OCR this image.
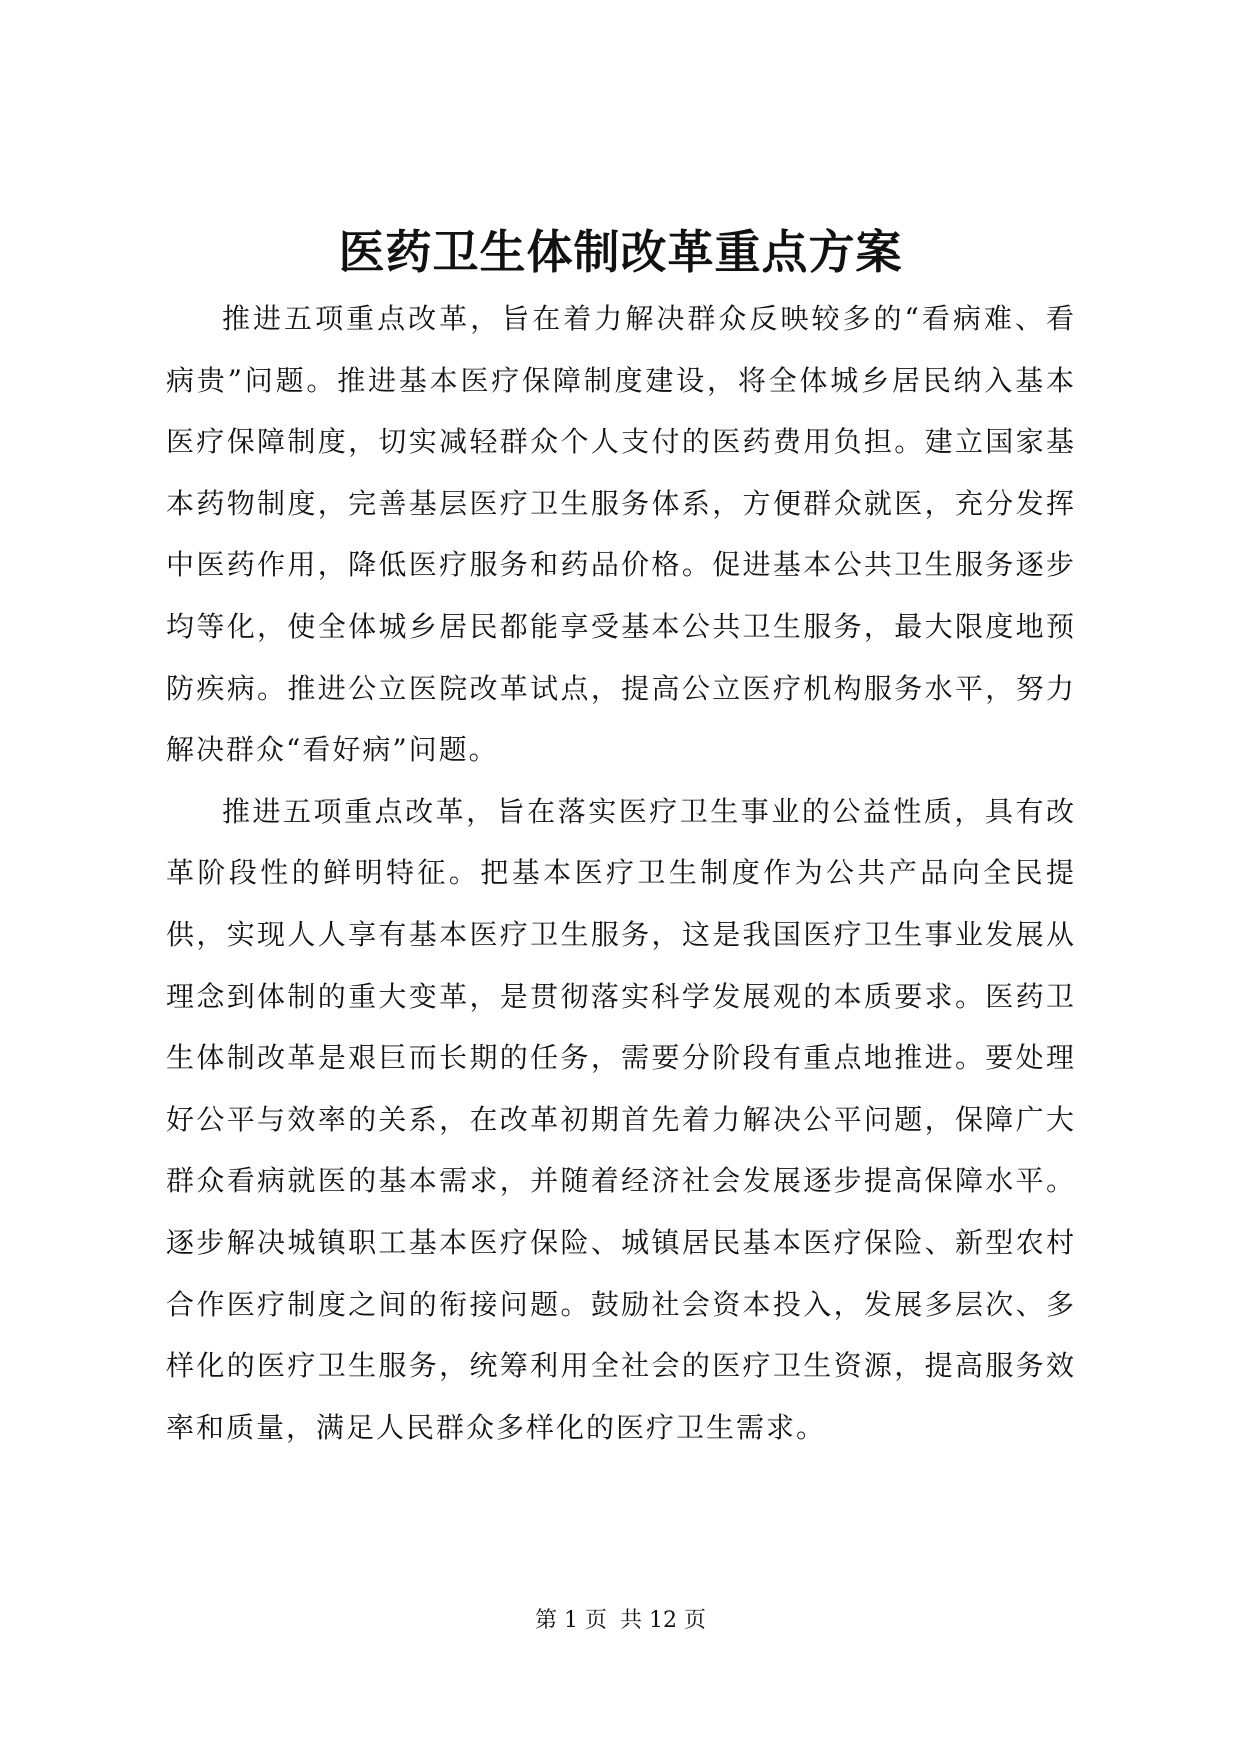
医药卫生体制改革重点方案

推进五项重点改革，旨在着力解决群众反映较多的“看病难、看病贵”问题。推进基本医疗保障制度建设，将全体城乡居民纳入基本医疗保障制度，切实减轻群众个人支付的医药费用负担。建立国家基本药物制度，完善基层医疗卫生服务体系，方便群众就医，充分发挥中医药作用，降低医疗服务和药品价格。促进基本公共卫生服务逐步均等化，使全体城乡居民都能享受基本公共卫生服务，最大限度地预防疾病。推进公立医院改革试点，提高公立医疗机构服务水平，努力解决群众“看好病”问题。

推进五项重点改革，旨在落实医疗卫生事业的公益性质，具有改革阶段性的鲜明特征。把基本医疗卫生制度作为公共产品向全民提供，实现人人享有基本医疗卫生服务，这是我国医疗卫生事业发展从理念到体制的重大变革，是贯彻落实科学发展观的本质要求。医药卫生体制改革是艰巨而长期的任务，需要分阶段有重点地推进。要处理好公平与效率的关系，在改革初期首先着力解决公平问题，保障广大群众看病就医的基本需求，并随着经济社会发展逐步提高保障水平。逐步解决城镇职工基本医疗保险、城镇居民基本医疗保险、新型农村合作医疗制度之间的衔接问题。鼓励社会资本投入，发展多层次、多样化的医疗卫生服务，统筹利用全社会的医疗卫生资源，提高服务效率和质量，满足人民群众多样化的医疗卫生需求。

第 1 页 共 12 页
